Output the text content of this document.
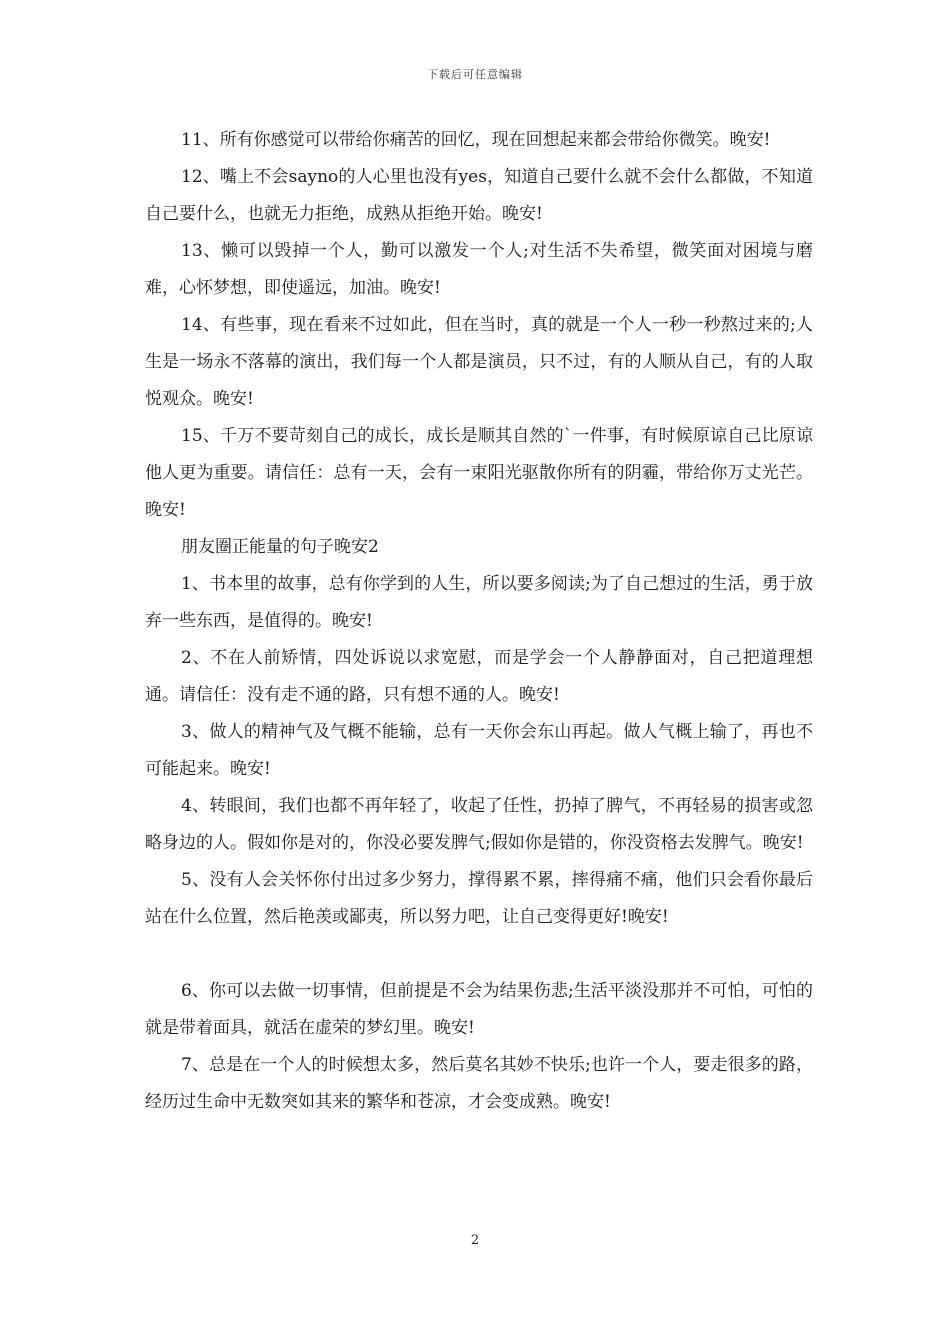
下载后可任意编辑

11、所有你感觉可以带给你痛苦的回忆，现在回想起来都会带给你微笑。晚安!

12、嘴上不会sayno的人心里也没有yes，知道自己要什么就不会什么都做，不知道自己要什么，也就无力拒绝，成熟从拒绝开始。晚安!

13、懒可以毁掉一个人，勤可以激发一个人;对生活不失希望，微笑面对困境与磨难，心怀梦想，即使遥远，加油。晚安!

14、有些事，现在看来不过如此，但在当时，真的就是一个人一秒一秒熬过来的;人生是一场永不落幕的演出，我们每一个人都是演员，只不过，有的人顺从自己，有的人取悦观众。晚安!

15、千万不要苛刻自己的成长，成长是顺其自然的`一件事，有时候原谅自己比原谅他人更为重要。请信任：总有一天，会有一束阳光驱散你所有的阴霾，带给你万丈光芒。晚安!

朋友圈正能量的句子晚安2

1、书本里的故事，总有你学到的人生，所以要多阅读;为了自己想过的生活，勇于放弃一些东西，是值得的。晚安!

2、不在人前矫情，四处诉说以求宽慰，而是学会一个人静静面对，自己把道理想通。请信任：没有走不通的路，只有想不通的人。晚安!

3、做人的精神气及气概不能输，总有一天你会东山再起。做人气概上输了，再也不可能起来。晚安!

4、转眼间，我们也都不再年轻了，收起了任性，扔掉了脾气，不再轻易的损害或忽略身边的人。假如你是对的，你没必要发脾气;假如你是错的，你没资格去发脾气。晚安!

5、没有人会关怀你付出过多少努力，撑得累不累，摔得痛不痛，他们只会看你最后站在什么位置，然后艳羡或鄙夷，所以努力吧，让自己变得更好!晚安!

6、你可以去做一切事情，但前提是不会为结果伤悲;生活平淡没那并不可怕，可怕的就是带着面具，就活在虚荣的梦幻里。晚安!

7、总是在一个人的时候想太多，然后莫名其妙不快乐;也许一个人，要走很多的路，经历过生命中无数突如其来的繁华和苍凉，才会变成熟。晚安!

2
